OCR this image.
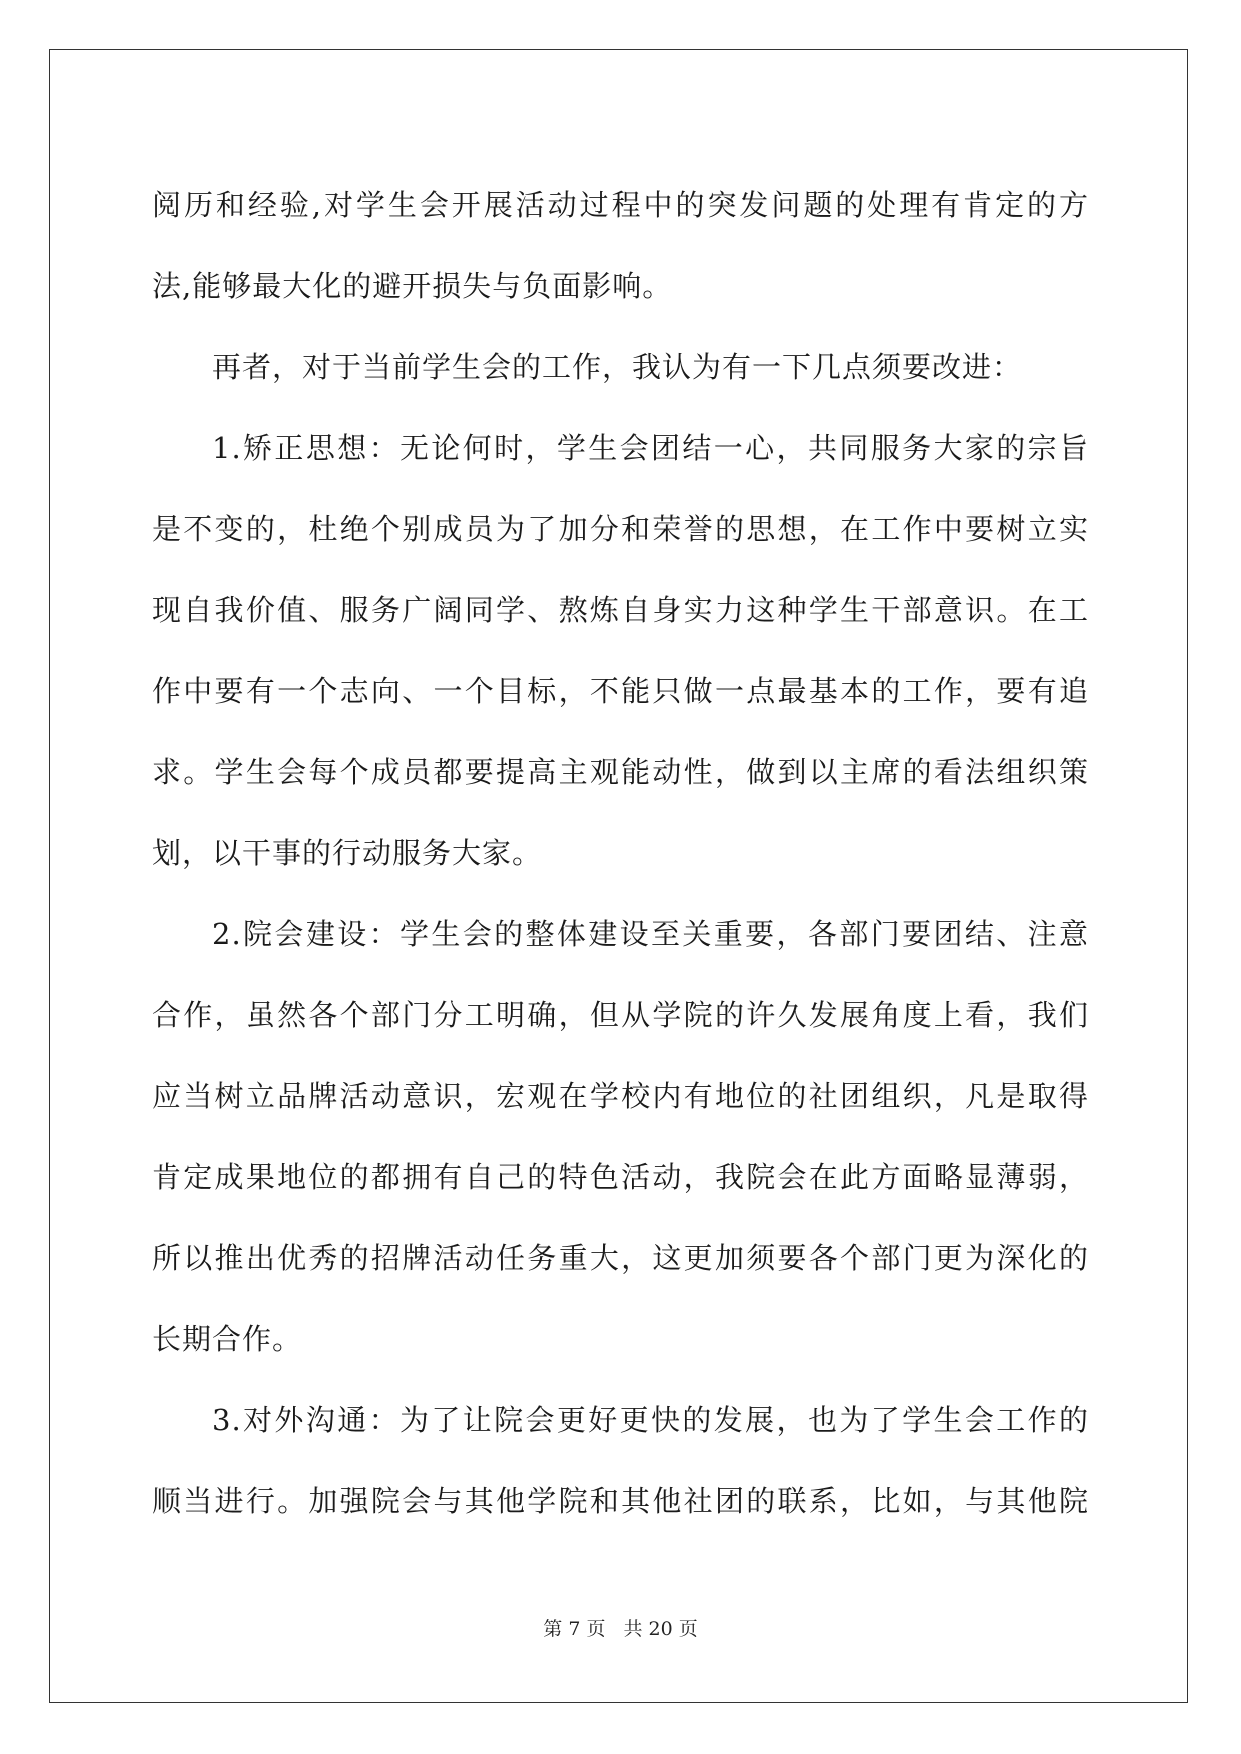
阅历和经验,对学生会开展活动过程中的突发问题的处理有肯定的方
法,能够最大化的避开损失与负面影响。
再者，对于当前学生会的工作，我认为有一下几点须要改进：
1.矫正思想：无论何时，学生会团结一心，共同服务大家的宗旨
是不变的，杜绝个别成员为了加分和荣誉的思想，在工作中要树立实
现自我价值、服务广阔同学、熬炼自身实力这种学生干部意识。在工
作中要有一个志向、一个目标，不能只做一点最基本的工作，要有追
求。学生会每个成员都要提高主观能动性，做到以主席的看法组织策
划，以干事的行动服务大家。
2.院会建设：学生会的整体建设至关重要，各部门要团结、注意
合作，虽然各个部门分工明确，但从学院的许久发展角度上看，我们
应当树立品牌活动意识，宏观在学校内有地位的社团组织，凡是取得
肯定成果地位的都拥有自己的特色活动，我院会在此方面略显薄弱，
所以推出优秀的招牌活动任务重大，这更加须要各个部门更为深化的
长期合作。
3.对外沟通：为了让院会更好更快的发展，也为了学生会工作的
顺当进行。加强院会与其他学院和其他社团的联系，比如，与其他院
第 7 页 共 20 页
